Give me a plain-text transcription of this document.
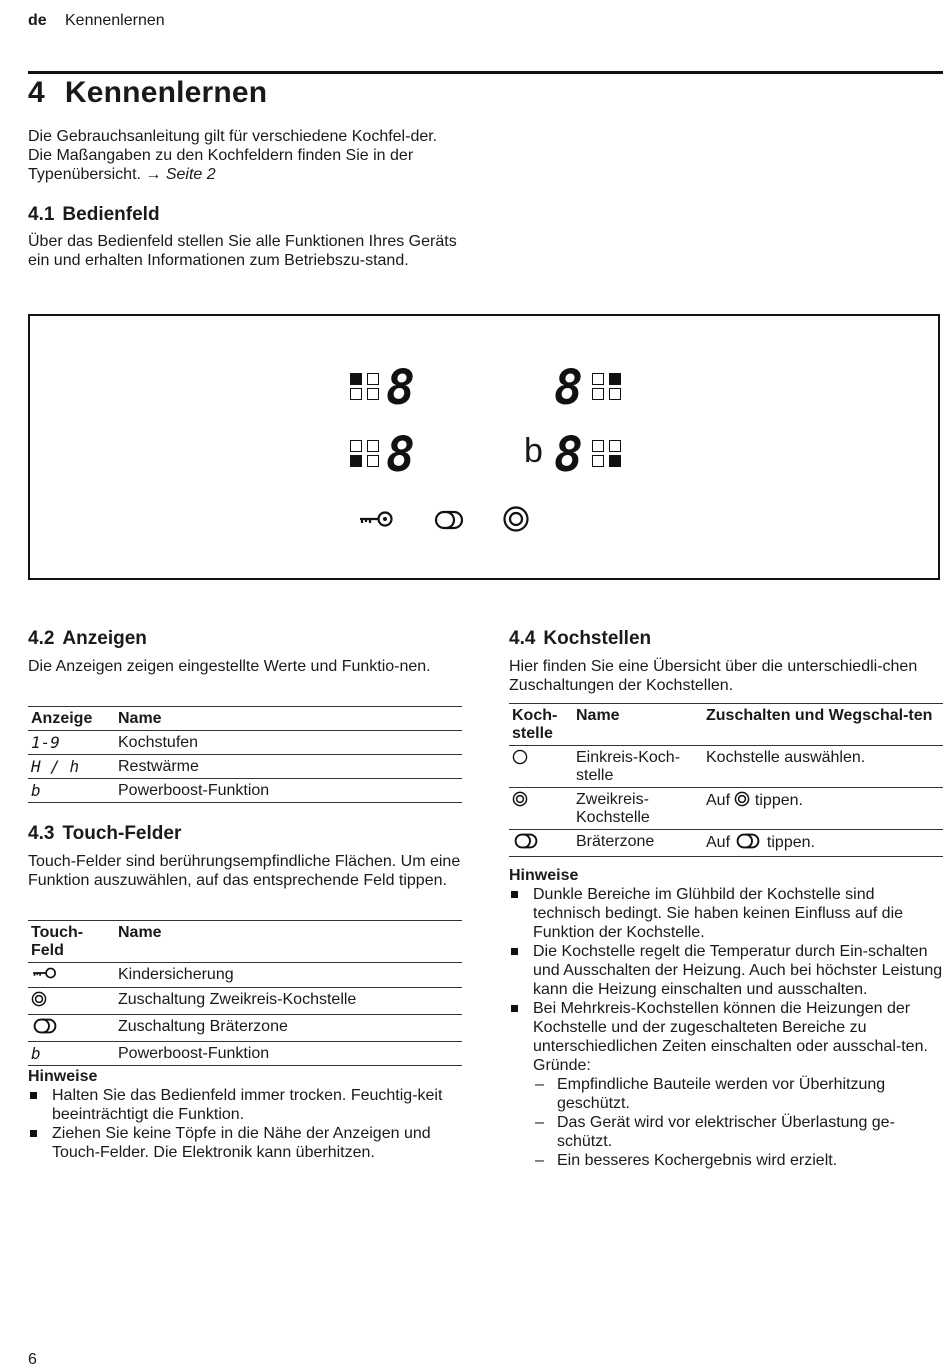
de Kennenlernen
4 Kennenlernen

Die Gebrauchsanleitung gilt für verschiedene Kochfel-der. Die Maßangaben zu den Kochfeldern finden Sie in der Typenübersicht. → Seite 2

4.1 Bedienfeld

Über das Bedienfeld stellen Sie alle Funktionen Ihres Geräts ein und erhalten Informationen zum Betriebszu-stand.

8	8
8	b 8
4.2 Anzeigen

Die Anzeigen zeigen eingestellte Werte und Funktio-nen.

Anzeige	Name
1-9	Kochstufen
H / h	Restwärme
b	Powerboost-Funktion
4.3 Touch-Felder

Touch-Felder sind berührungsempfindliche Flächen. Um eine Funktion auszuwählen, auf das entsprechende Feld tippen.

Touch-Feld	Name
	Kindersicherung
	Zuschaltung Zweikreis-Kochstelle
	Zuschaltung Bräterzone
b	Powerboost-Funktion
Hinweise
Halten Sie das Bedienfeld immer trocken. Feuchtig-keit beeinträchtigt die Funktion.
Ziehen Sie keine Töpfe in die Nähe der Anzeigen und Touch-Felder. Die Elektronik kann überhitzen.
4.4 Kochstellen

Hier finden Sie eine Übersicht über die unterschiedli-chen Zuschaltungen der Kochstellen.

Koch-stelle	Name	Zuschalten und Wegschal-ten
	Einkreis-Koch-stelle	Kochstelle auswählen.
	Zweikreis-Kochstelle	Auf tippen.
	Bräterzone	Auf tippen.
Hinweise
Dunkle Bereiche im Glühbild der Kochstelle sind technisch bedingt. Sie haben keinen Einfluss auf die Funktion der Kochstelle.
Die Kochstelle regelt die Temperatur durch Ein-schalten und Ausschalten der Heizung. Auch bei höchster Leistung kann die Heizung einschalten und ausschalten.
Bei Mehrkreis-Kochstellen können die Heizungen der Kochstelle und der zugeschalteten Bereiche zu unterschiedlichen Zeiten einschalten oder ausschal-ten.
Gründe:
– Empfindliche Bauteile werden vor Überhitzung geschützt.
– Das Gerät wird vor elektrischer Überlastung ge-schützt.
– Ein besseres Kochergebnis wird erzielt.
6
